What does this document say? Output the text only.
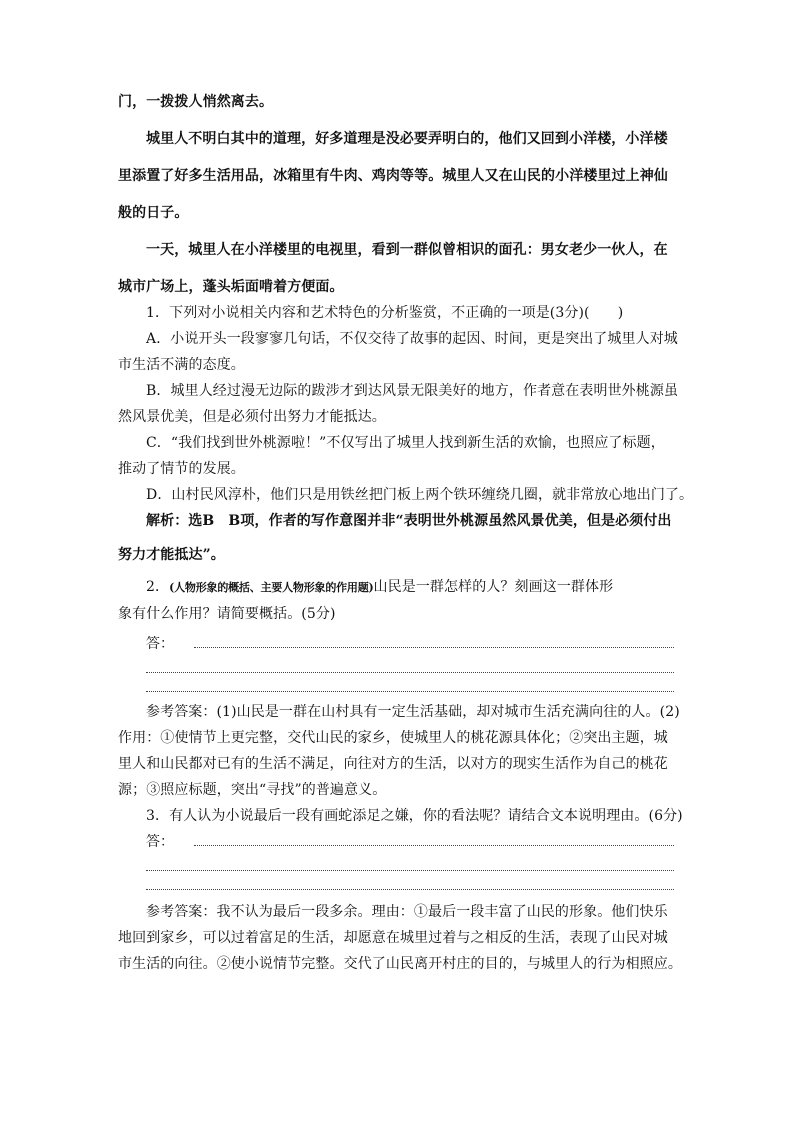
门，一拨拨人悄然离去。
城里人不明白其中的道理，好多道理是没必要弄明白的，他们又回到小洋楼，小洋楼
里添置了好多生活用品，冰箱里有牛肉、鸡肉等等。城里人又在山民的小洋楼里过上神仙
般的日子。
一天，城里人在小洋楼里的电视里，看到一群似曾相识的面孔：男女老少一伙人，在
城市广场上，蓬头垢面啃着方便面。
1．下列对小说相关内容和艺术特色的分析鉴赏，不正确的一项是(3分)(　　)
A．小说开头一段寥寥几句话，不仅交待了故事的起因、时间，更是突出了城里人对城
市生活不满的态度。
B．城里人经过漫无边际的跋涉才到达风景无限美好的地方，作者意在表明世外桃源虽
然风景优美，但是必须付出努力才能抵达。
C．“我们找到世外桃源啦！”不仅写出了城里人找到新生活的欢愉，也照应了标题，
推动了情节的发展。
D．山村民风淳朴，他们只是用铁丝把门板上两个铁环缠绕几圈，就非常放心地出门了。
解析：选B　B项，作者的写作意图并非“表明世外桃源虽然风景优美，但是必须付出
努力才能抵达”。
2．(人物形象的概括、主要人物形象的作用题)山民是一群怎样的人？刻画这一群体形
象有什么作用？请简要概括。(5分)
答：
参考答案：(1)山民是一群在山村具有一定生活基础，却对城市生活充满向往的人。(2)
作用：①使情节上更完整，交代山民的家乡，使城里人的桃花源具体化；②突出主题，城
里人和山民都对已有的生活不满足，向往对方的生活，以对方的现实生活作为自己的桃花
源；③照应标题，突出“寻找”的普遍意义。
3．有人认为小说最后一段有画蛇添足之嫌，你的看法呢？请结合文本说明理由。(6分)
答：
参考答案：我不认为最后一段多余。理由：①最后一段丰富了山民的形象。他们快乐
地回到家乡，可以过着富足的生活，却愿意在城里过着与之相反的生活，表现了山民对城
市生活的向往。②使小说情节完整。交代了山民离开村庄的目的，与城里人的行为相照应。
